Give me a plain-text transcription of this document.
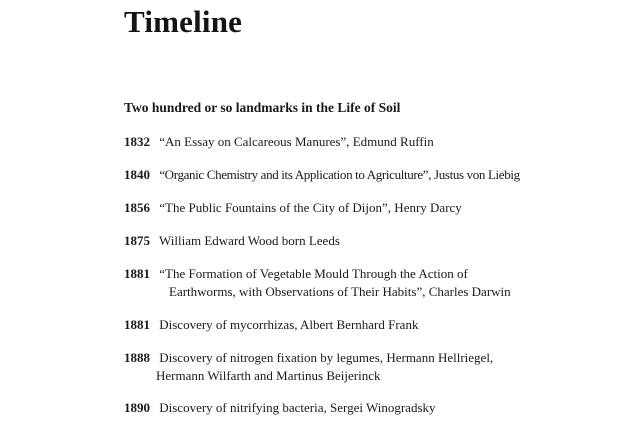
Timeline
Two hundred or so landmarks in the Life of Soil
1832 “An Essay on Calcareous Manures”, Edmund Ruffin
1840 “Organic Chemistry and its Application to Agriculture”, Justus von Liebig
1856 “The Public Fountains of the City of Dijon”, Henry Darcy
1875 William Edward Wood born Leeds
1881 “The Formation of Vegetable Mould Through the Action of
Earthworms, with Observations of Their Habits”, Charles Darwin
1881 Discovery of mycorrhizas, Albert Bernhard Frank
1888 Discovery of nitrogen fixation by legumes, Hermann Hellriegel,
Hermann Wilfarth and Martinus Beijerinck
1890 Discovery of nitrifying bacteria, Sergei Winogradsky
